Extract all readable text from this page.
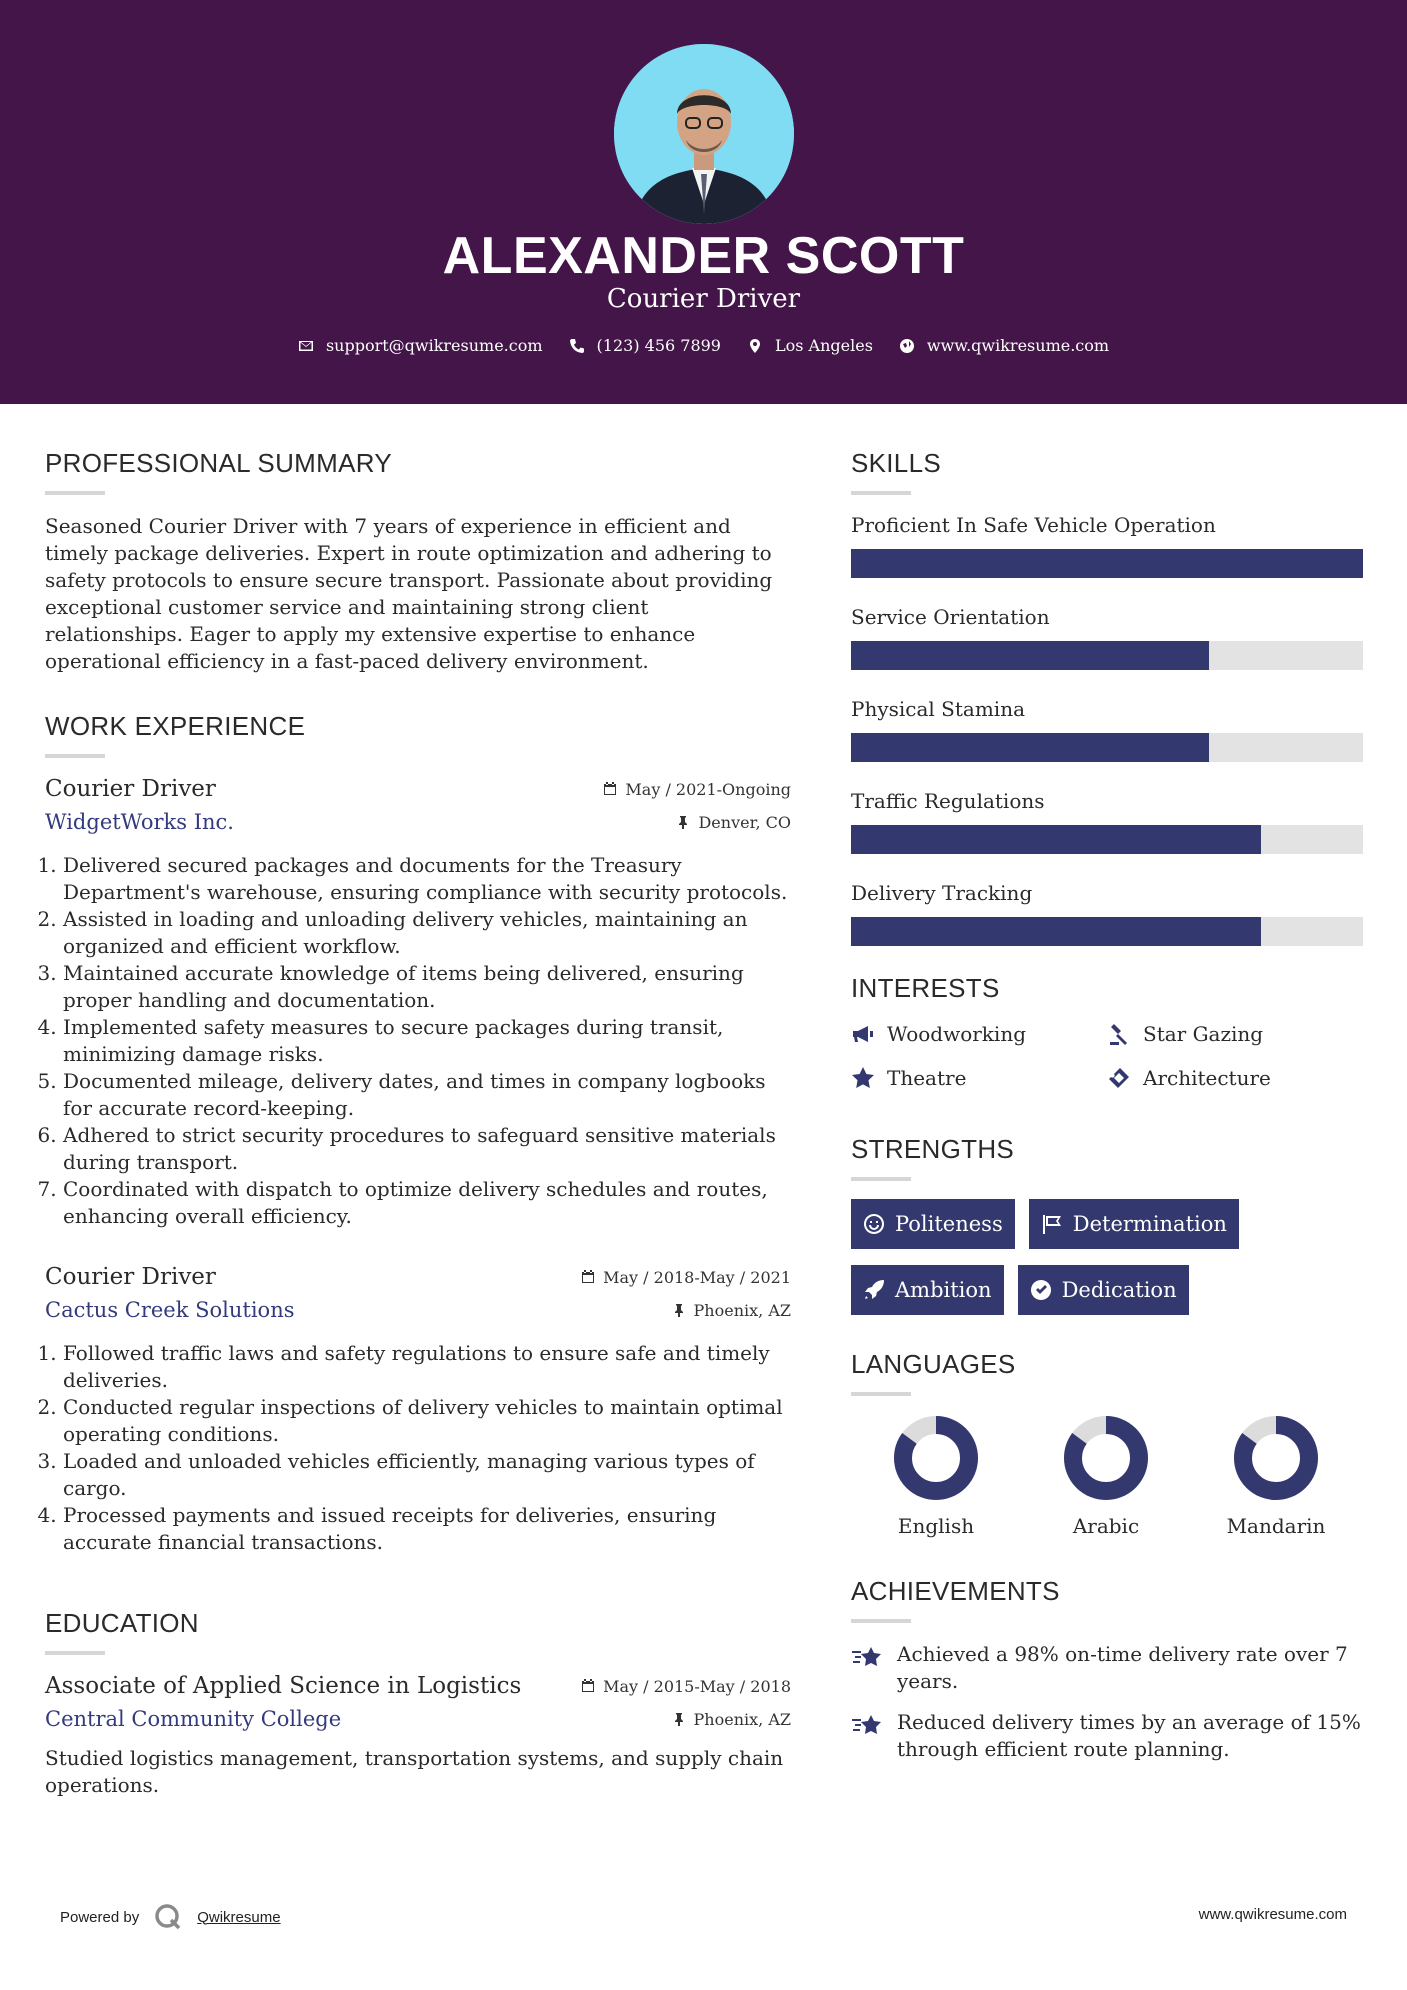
ALEXANDER SCOTT
Courier Driver
support@qwikresume.com	(123) 456 7899	Los Angeles	www.qwikresume.com
PROFESSIONAL SUMMARY

Seasoned Courier Driver with 7 years of experience in efficient and timely package deliveries. Expert in route optimization and adhering to safety protocols to ensure secure transport. Passionate about providing exceptional customer service and maintaining strong client relationships. Eager to apply my extensive expertise to enhance operational efficiency in a fast-paced delivery environment.

WORK EXPERIENCE
Courier Driver	May / 2021-Ongoing
WidgetWorks Inc.	Denver, CO
1. Delivered secured packages and documents for the Treasury Department's warehouse, ensuring compliance with security protocols.
2. Assisted in loading and unloading delivery vehicles, maintaining an organized and efficient workflow.
3. Maintained accurate knowledge of items being delivered, ensuring proper handling and documentation.
4. Implemented safety measures to secure packages during transit, minimizing damage risks.
5. Documented mileage, delivery dates, and times in company logbooks for accurate record-keeping.
6. Adhered to strict security procedures to safeguard sensitive materials during transport.
7. Coordinated with dispatch to optimize delivery schedules and routes, enhancing overall efficiency.
Courier Driver	May / 2018-May / 2021
Cactus Creek Solutions	Phoenix, AZ
1. Followed traffic laws and safety regulations to ensure safe and timely deliveries.
2. Conducted regular inspections of delivery vehicles to maintain optimal operating conditions.
3. Loaded and unloaded vehicles efficiently, managing various types of cargo.
4. Processed payments and issued receipts for deliveries, ensuring accurate financial transactions.
EDUCATION
Associate of Applied Science in Logistics	May / 2015-May / 2018
Central Community College	Phoenix, AZ

Studied logistics management, transportation systems, and supply chain operations.

SKILLS
Proficient In Safe Vehicle Operation
Service Orientation
Physical Stamina
Traffic Regulations
Delivery Tracking
INTERESTS
Woodworking	Star Gazing
Theatre	Architecture
STRENGTHS
Politeness	Determination
Ambition	Dedication
LANGUAGES
English	Arabic	Mandarin
ACHIEVEMENTS
Achieved a 98% on-time delivery rate over 7 years.
Reduced delivery times by an average of 15% through efficient route planning.
Powered by	Qwikresume	www.qwikresume.com
